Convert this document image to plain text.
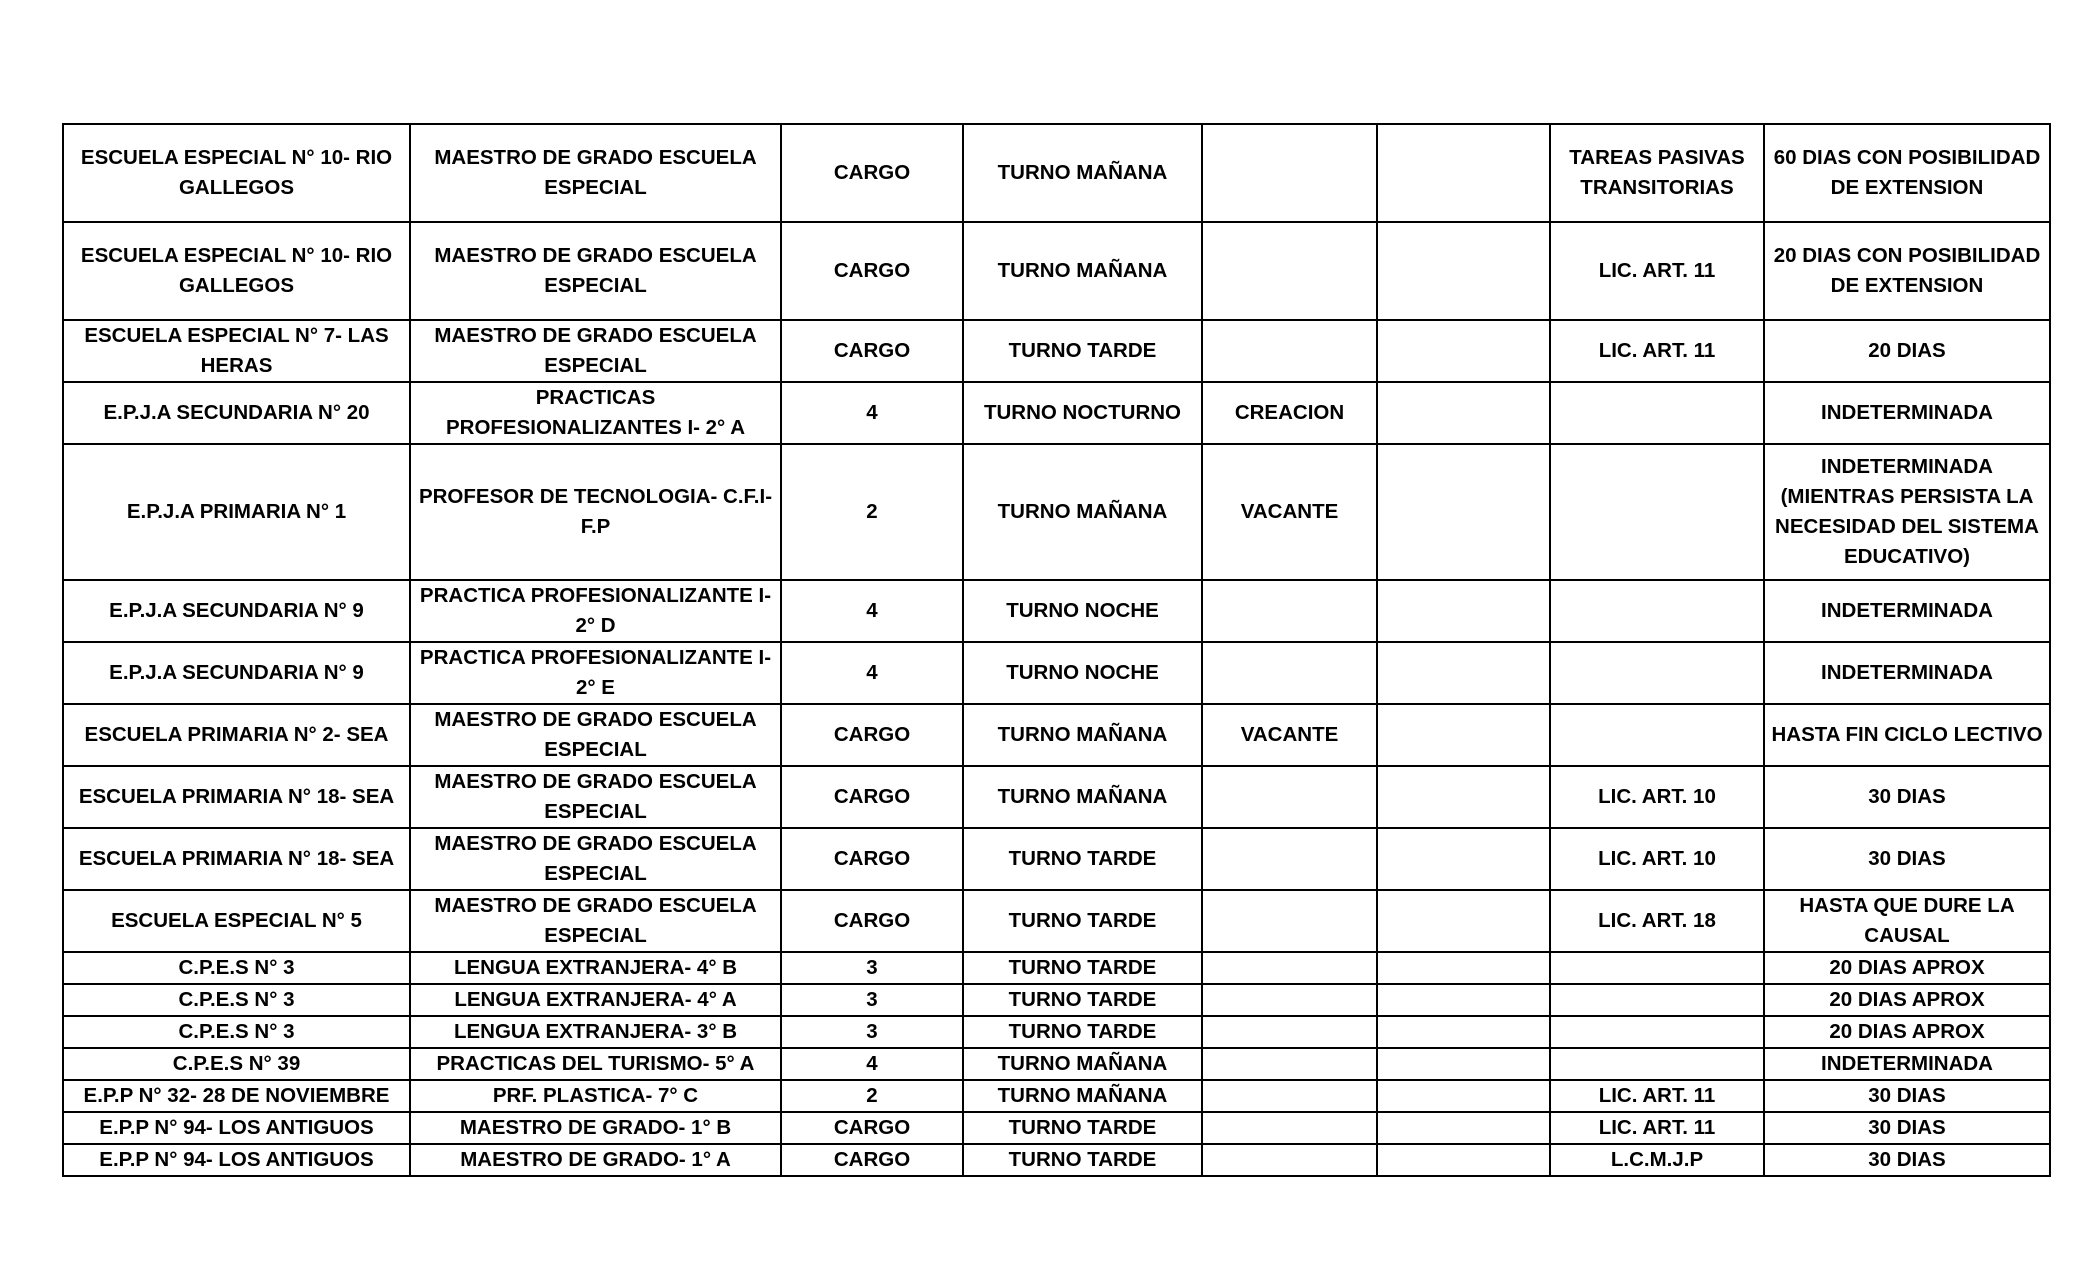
ESCUELA ESPECIAL N° 10- RIO GALLEGOS	MAESTRO DE GRADO ESCUELA ESPECIAL	CARGO	TURNO MAÑANA			TAREAS PASIVAS TRANSITORIAS	60 DIAS CON POSIBILIDAD DE EXTENSION
ESCUELA ESPECIAL N° 10- RIO GALLEGOS	MAESTRO DE GRADO ESCUELA ESPECIAL	CARGO	TURNO MAÑANA			LIC. ART. 11	20 DIAS CON POSIBILIDAD DE EXTENSION
ESCUELA ESPECIAL N° 7- LAS HERAS	MAESTRO DE GRADO ESCUELA ESPECIAL	CARGO	TURNO TARDE			LIC. ART. 11	20 DIAS
E.P.J.A SECUNDARIA N° 20	PRACTICAS PROFESIONALIZANTES I- 2° A	4	TURNO NOCTURNO	CREACION			INDETERMINADA
E.P.J.A PRIMARIA N° 1	PROFESOR DE TECNOLOGIA- C.F.I- F.P	2	TURNO MAÑANA	VACANTE			INDETERMINADA (MIENTRAS PERSISTA LA NECESIDAD DEL SISTEMA EDUCATIVO)
E.P.J.A SECUNDARIA N° 9	PRACTICA PROFESIONALIZANTE I- 2° D	4	TURNO NOCHE				INDETERMINADA
E.P.J.A SECUNDARIA N° 9	PRACTICA PROFESIONALIZANTE I- 2° E	4	TURNO NOCHE				INDETERMINADA
ESCUELA PRIMARIA N° 2- SEA	MAESTRO DE GRADO ESCUELA ESPECIAL	CARGO	TURNO MAÑANA	VACANTE			HASTA FIN CICLO LECTIVO
ESCUELA PRIMARIA N° 18- SEA	MAESTRO DE GRADO ESCUELA ESPECIAL	CARGO	TURNO MAÑANA			LIC. ART. 10	30 DIAS
ESCUELA PRIMARIA N° 18- SEA	MAESTRO DE GRADO ESCUELA ESPECIAL	CARGO	TURNO TARDE			LIC. ART. 10	30 DIAS
ESCUELA ESPECIAL N° 5	MAESTRO DE GRADO ESCUELA ESPECIAL	CARGO	TURNO TARDE			LIC. ART. 18	HASTA QUE DURE LA CAUSAL
C.P.E.S N° 3	LENGUA EXTRANJERA- 4° B	3	TURNO TARDE				20 DIAS APROX
C.P.E.S N° 3	LENGUA EXTRANJERA- 4° A	3	TURNO TARDE				20 DIAS APROX
C.P.E.S N° 3	LENGUA EXTRANJERA- 3° B	3	TURNO TARDE				20 DIAS APROX
C.P.E.S N° 39	PRACTICAS DEL TURISMO- 5° A	4	TURNO MAÑANA				INDETERMINADA
E.P.P N° 32- 28 DE NOVIEMBRE	PRF. PLASTICA- 7° C	2	TURNO MAÑANA			LIC. ART. 11	30 DIAS
E.P.P N° 94- LOS ANTIGUOS	MAESTRO DE GRADO- 1° B	CARGO	TURNO TARDE			LIC. ART. 11	30 DIAS
E.P.P N° 94- LOS ANTIGUOS	MAESTRO DE GRADO- 1° A	CARGO	TURNO TARDE			L.C.M.J.P	30 DIAS
